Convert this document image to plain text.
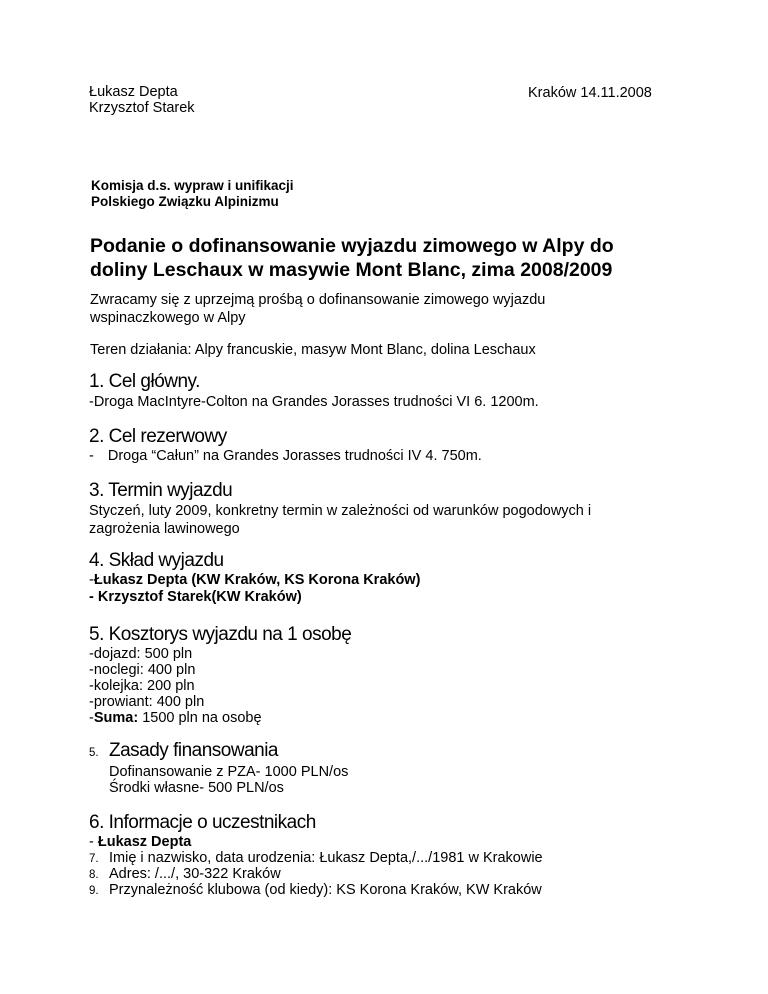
Łukasz Depta
Krzysztof Starek
Kraków 14.11.2008
Komisja d.s. wypraw i unifikacji
Polskiego Związku Alpinizmu
Podanie o dofinansowanie wyjazdu zimowego w Alpy do
doliny Leschaux w masywie Mont Blanc, zima 2008/2009
Zwracamy się z uprzejmą prośbą o dofinansowanie zimowego wyjazdu
wspinaczkowego w Alpy
Teren działania: Alpy francuskie, masyw Mont Blanc, dolina Leschaux
1. Cel główny.
-Droga MacIntyre-Colton na Grandes Jorasses trudności VI 6. 1200m.
2. Cel rezerwowy
- Droga “Całun” na Grandes Jorasses trudności IV 4. 750m.
3. Termin wyjazdu
Styczeń, luty 2009, konkretny termin w zależności od warunków pogodowych i
zagrożenia lawinowego
4. Skład wyjazdu
-Łukasz Depta (KW Kraków, KS Korona Kraków)
- Krzysztof Starek(KW Kraków)
5. Kosztorys wyjazdu na 1 osobę
-dojazd: 500 pln
-noclegi: 400 pln
-kolejka: 200 pln
-prowiant: 400 pln
-Suma: 1500 pln na osobę
5. Zasady finansowania
Dofinansowanie z PZA- 1000 PLN/os
Środki własne- 500 PLN/os
6. Informacje o uczestnikach
- Łukasz Depta
7. Imię i nazwisko, data urodzenia: Łukasz Depta,/.../1981 w Krakowie
8. Adres: /.../, 30-322 Kraków
9. Przynależność klubowa (od kiedy): KS Korona Kraków, KW Kraków
